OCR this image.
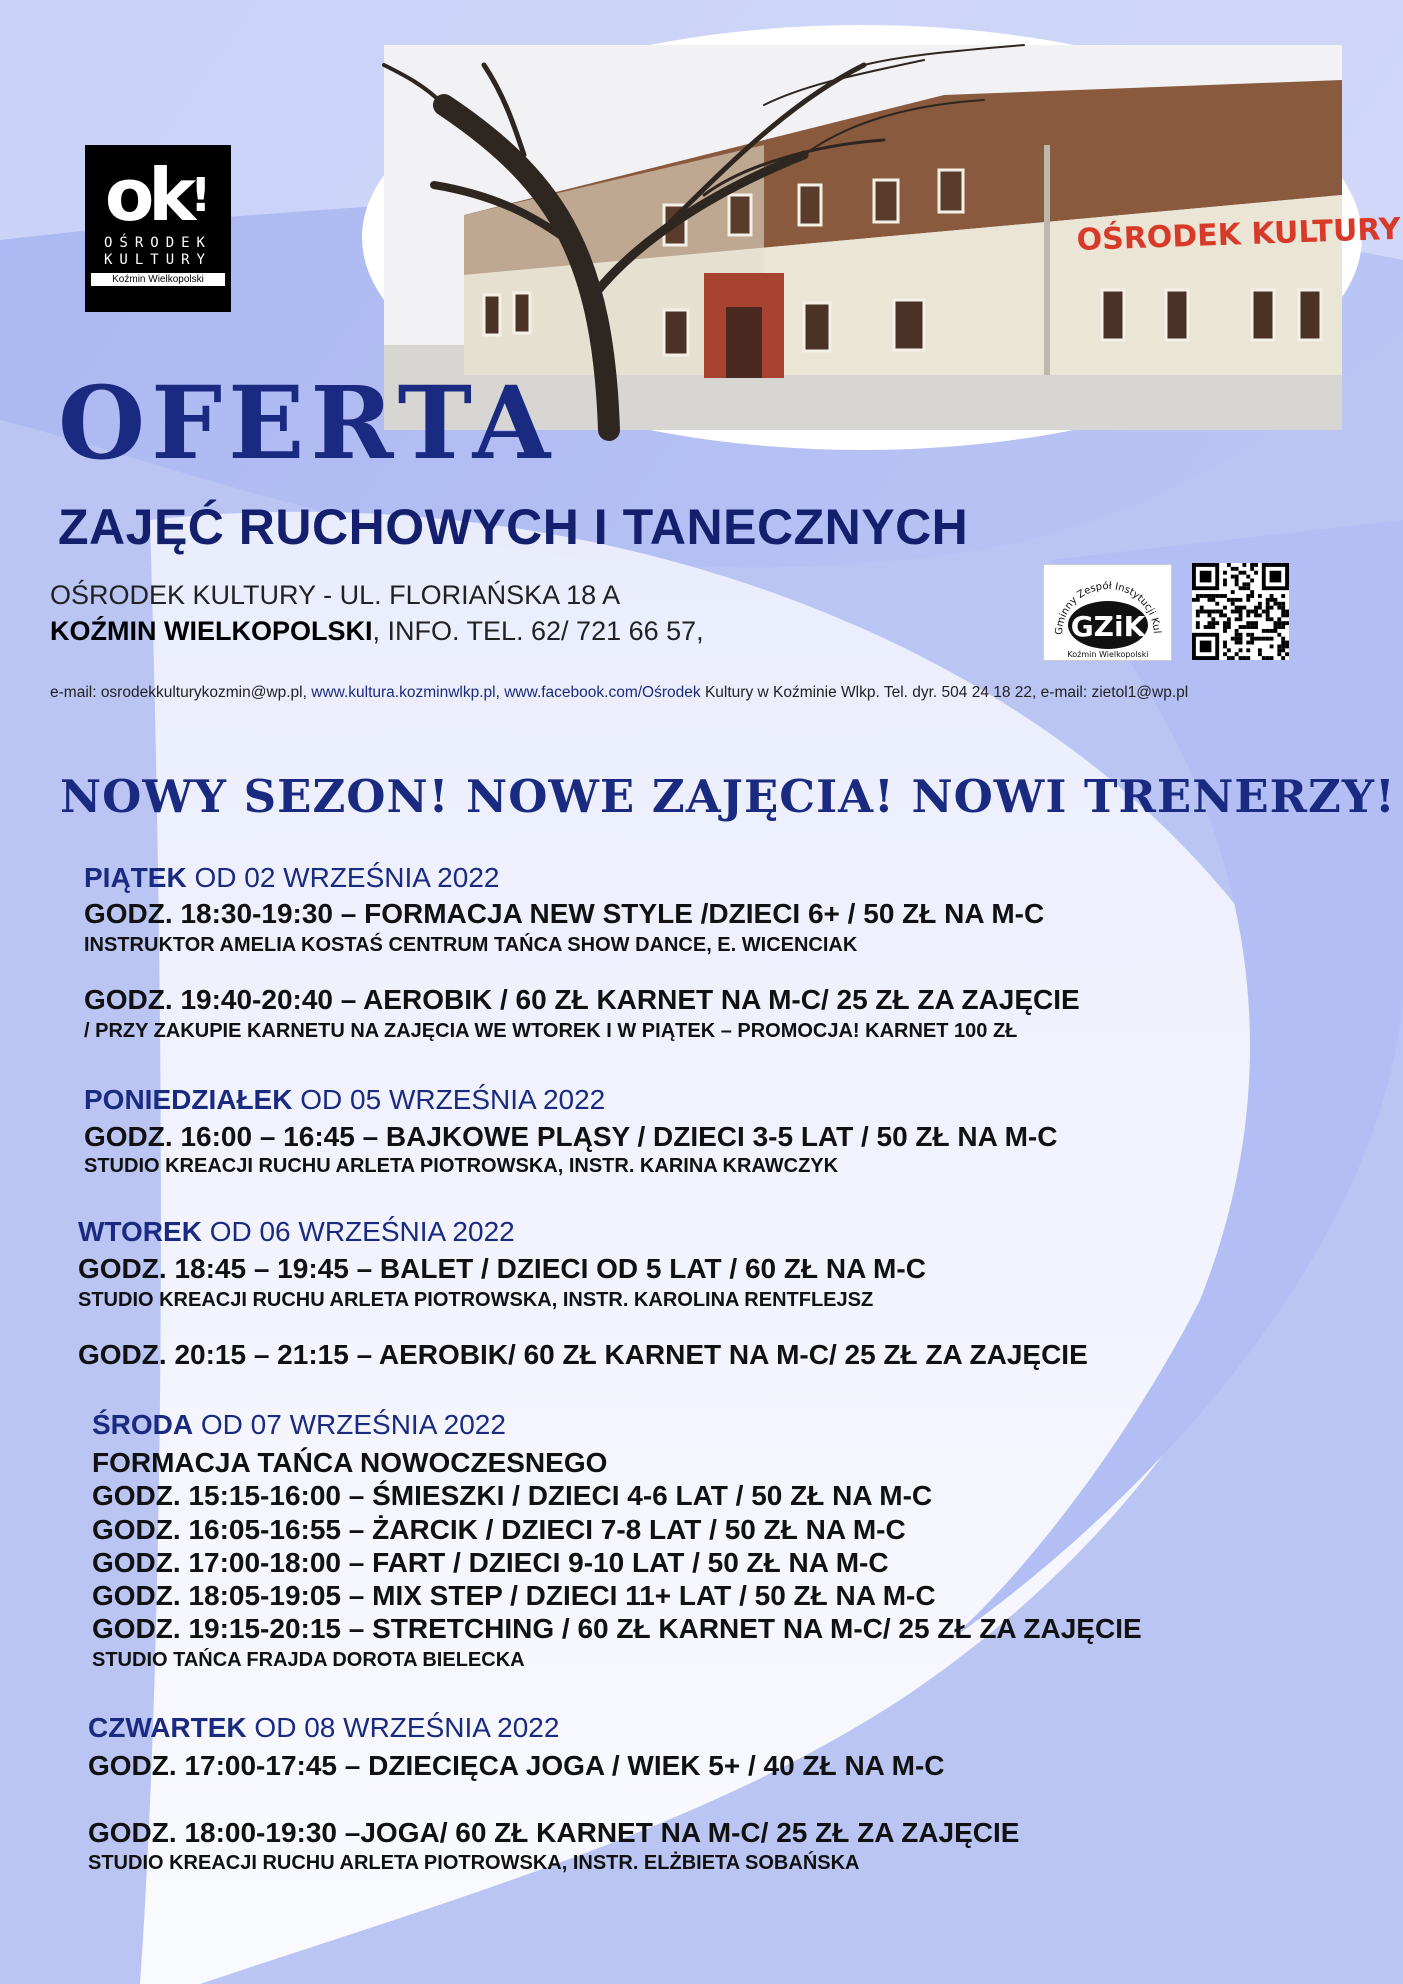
ok!
OŚRODEK
KULTURY
Koźmin Wielkopolski
OŚRODEK KULTURY
OFERTA
ZAJĘĆ RUCHOWYCH I TANECZNYCH
OŚRODEK KULTURY - UL. FLORIAŃSKA 18 A
KOŹMIN WIELKOPOLSKI, INFO. TEL. 62/ 721 66 57,	Gminny Zespół Instytucji Kul
GZiK
Koźmin Wielkopolski
e-mail: osrodekkulturykozmin@wp.pl, www.kultura.kozminwlkp.pl, www.facebook.com/Ośrodek Kultury w Koźminie Wlkp. Tel. dyr. 504 24 18 22, e-mail: zietol1@wp.pl
NOWY SEZON! NOWE ZAJĘCIA! NOWI TRENERZY!
PIĄTEK OD 02 WRZEŚNIA 2022
GODZ. 18:30-19:30 – FORMACJA NEW STYLE /DZIECI 6+ / 50 ZŁ NA M-C
INSTRUKTOR AMELIA KOSTAŚ CENTRUM TAŃCA SHOW DANCE, E. WICENCIAK
GODZ. 19:40-20:40 – AEROBIK / 60 ZŁ KARNET NA M-C/ 25 ZŁ ZA ZAJĘCIE
/ PRZY ZAKUPIE KARNETU NA ZAJĘCIA WE WTOREK I W PIĄTEK – PROMOCJA! KARNET 100 ZŁ
PONIEDZIAŁEK OD 05 WRZEŚNIA 2022
GODZ. 16:00 – 16:45 – BAJKOWE PLĄSY / DZIECI 3-5 LAT / 50 ZŁ NA M-C
STUDIO KREACJI RUCHU ARLETA PIOTROWSKA, INSTR. KARINA KRAWCZYK
WTOREK OD 06 WRZEŚNIA 2022
GODZ. 18:45 – 19:45 – BALET / DZIECI OD 5 LAT / 60 ZŁ NA M-C
STUDIO KREACJI RUCHU ARLETA PIOTROWSKA, INSTR. KAROLINA RENTFLEJSZ
GODZ. 20:15 – 21:15 – AEROBIK/ 60 ZŁ KARNET NA M-C/ 25 ZŁ ZA ZAJĘCIE
ŚRODA OD 07 WRZEŚNIA 2022
FORMACJA TAŃCA NOWOCZESNEGO
GODZ. 15:15-16:00 – ŚMIESZKI / DZIECI 4-6 LAT / 50 ZŁ NA M-C
GODZ. 16:05-16:55 – ŻARCIK / DZIECI 7-8 LAT / 50 ZŁ NA M-C
GODZ. 17:00-18:00 – FART / DZIECI 9-10 LAT / 50 ZŁ NA M-C
GODZ. 18:05-19:05 – MIX STEP / DZIECI 11+ LAT / 50 ZŁ NA M-C
GODZ. 19:15-20:15 – STRETCHING / 60 ZŁ KARNET NA M-C/ 25 ZŁ ZA ZAJĘCIE
STUDIO TAŃCA FRAJDA DOROTA BIELECKA
CZWARTEK OD 08 WRZEŚNIA 2022
GODZ. 17:00-17:45 – DZIECIĘCA JOGA / WIEK 5+ / 40 ZŁ NA M-C
GODZ. 18:00-19:30 –JOGA/ 60 ZŁ KARNET NA M-C/ 25 ZŁ ZA ZAJĘCIE
STUDIO KREACJI RUCHU ARLETA PIOTROWSKA, INSTR. ELŻBIETA SOBAŃSKA
